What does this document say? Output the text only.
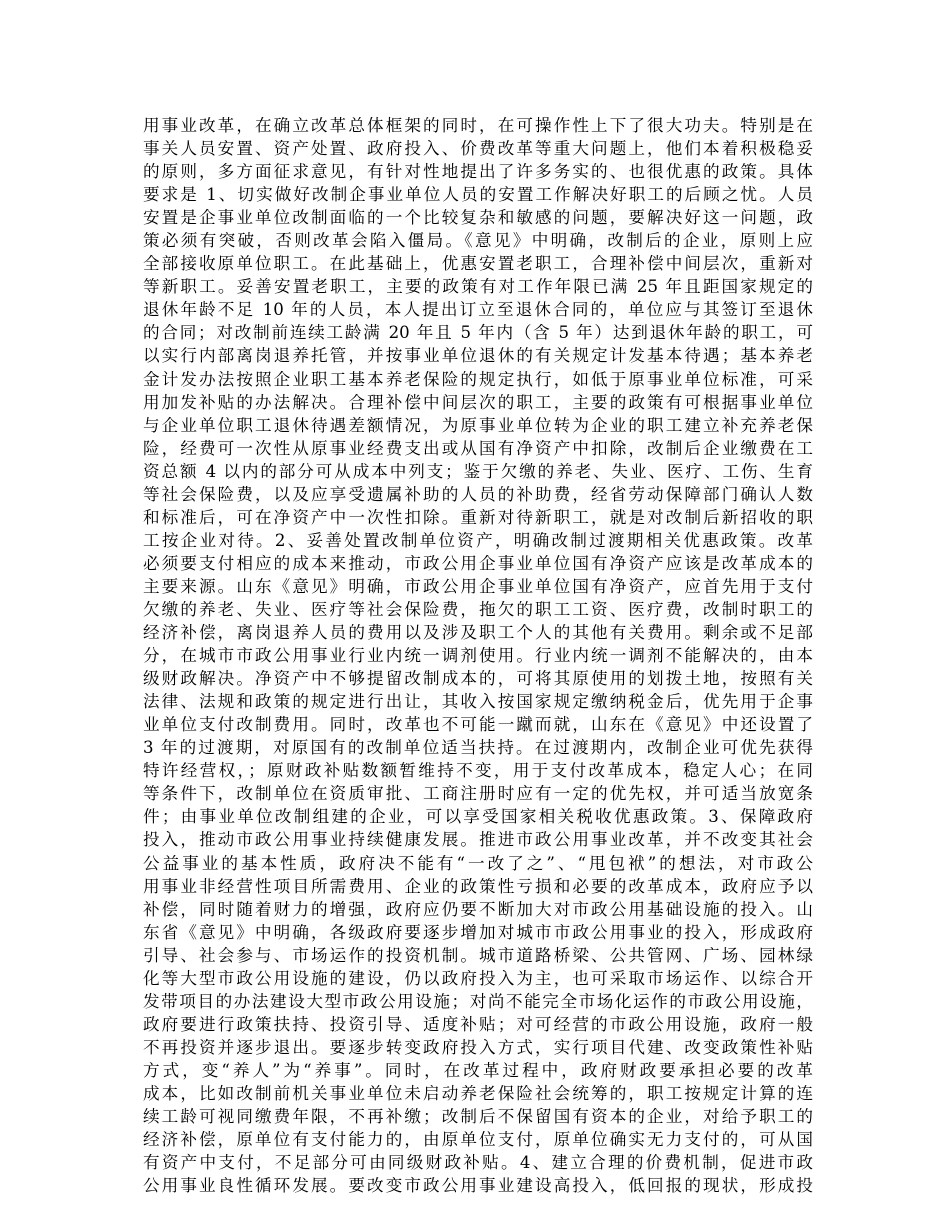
用事业改革，在确立改革总体框架的同时，在可操作性上下了很大功夫。特别是在
事关人员安置、资产处置、政府投入、价费改革等重大问题上，他们本着积极稳妥
的原则，多方面征求意见，有针对性地提出了许多务实的、也很优惠的政策。具体
要求是 1、切实做好改制企事业单位人员的安置工作解决好职工的后顾之忧。人员
安置是企事业单位改制面临的一个比较复杂和敏感的问题，要解决好这一问题，政
策必须有突破，否则改革会陷入僵局。《意见》中明确，改制后的企业，原则上应
全部接收原单位职工。在此基础上，优惠安置老职工，合理补偿中间层次，重新对
等新职工。妥善安置老职工，主要的政策有对工作年限已满 25 年且距国家规定的
退休年龄不足 10 年的人员，本人提出订立至退休合同的，单位应与其签订至退休
的合同；对改制前连续工龄满 20 年且 5 年内（含 5 年）达到退休年龄的职工，可
以实行内部离岗退养托管，并按事业单位退休的有关规定计发基本待遇；基本养老
金计发办法按照企业职工基本养老保险的规定执行，如低于原事业单位标准，可采
用加发补贴的办法解决。合理补偿中间层次的职工，主要的政策有可根据事业单位
与企业单位职工退休待遇差额情况，为原事业单位转为企业的职工建立补充养老保
险，经费可一次性从原事业经费支出或从国有净资产中扣除，改制后企业缴费在工
资总额 4 以内的部分可从成本中列支；鉴于欠缴的养老、失业、医疗、工伤、生育
等社会保险费，以及应享受遗属补助的人员的补助费，经省劳动保障部门确认人数
和标准后，可在净资产中一次性扣除。重新对待新职工，就是对改制后新招收的职
工按企业对待。2、妥善处置改制单位资产，明确改制过渡期相关优惠政策。改革
必须要支付相应的成本来推动，市政公用企事业单位国有净资产应该是改革成本的
主要来源。山东《意见》明确，市政公用企事业单位国有净资产，应首先用于支付
欠缴的养老、失业、医疗等社会保险费，拖欠的职工工资、医疗费，改制时职工的
经济补偿，离岗退养人员的费用以及涉及职工个人的其他有关费用。剩余或不足部
分，在城市市政公用事业行业内统一调剂使用。行业内统一调剂不能解决的，由本
级财政解决。净资产中不够提留改制成本的，可将其原使用的划拨土地，按照有关
法律、法规和政策的规定进行出让，其收入按国家规定缴纳税金后，优先用于企事
业单位支付改制费用。同时，改革也不可能一蹴而就，山东在《意见》中还设置了
3 年的过渡期，对原国有的改制单位适当扶持。在过渡期内，改制企业可优先获得
特许经营权，；原财政补贴数额暂维持不变，用于支付改革成本，稳定人心；在同
等条件下，改制单位在资质审批、工商注册时应有一定的优先权，并可适当放宽条
件；由事业单位改制组建的企业，可以享受国家相关税收优惠政策。3、保障政府
投入，推动市政公用事业持续健康发展。推进市政公用事业改革，并不改变其社会
公益事业的基本性质，政府决不能有“一改了之”、“甩包袱”的想法，对市政公
用事业非经营性项目所需费用、企业的政策性亏损和必要的改革成本，政府应予以
补偿，同时随着财力的增强，政府应仍要不断加大对市政公用基础设施的投入。山
东省《意见》中明确，各级政府要逐步增加对城市市政公用事业的投入，形成政府
引导、社会参与、市场运作的投资机制。城市道路桥梁、公共管网、广场、园林绿
化等大型市政公用设施的建设，仍以政府投入为主，也可采取市场运作、以综合开
发带项目的办法建设大型市政公用设施；对尚不能完全市场化运作的市政公用设施，
政府要进行政策扶持、投资引导、适度补贴；对可经营的市政公用设施，政府一般
不再投资并逐步退出。要逐步转变政府投入方式，实行项目代建、改变政策性补贴
方式，变“养人”为“养事”。同时，在改革过程中，政府财政要承担必要的改革
成本，比如改制前机关事业单位未启动养老保险社会统筹的，职工按规定计算的连
续工龄可视同缴费年限，不再补缴；改制后不保留国有资本的企业，对给予职工的
经济补偿，原单位有支付能力的，由原单位支付，原单位确实无力支付的，可从国
有资产中支付，不足部分可由同级财政补贴。4、建立合理的价费机制，促进市政
公用事业良性循环发展。要改变市政公用事业建设高投入，低回报的现状，形成投
